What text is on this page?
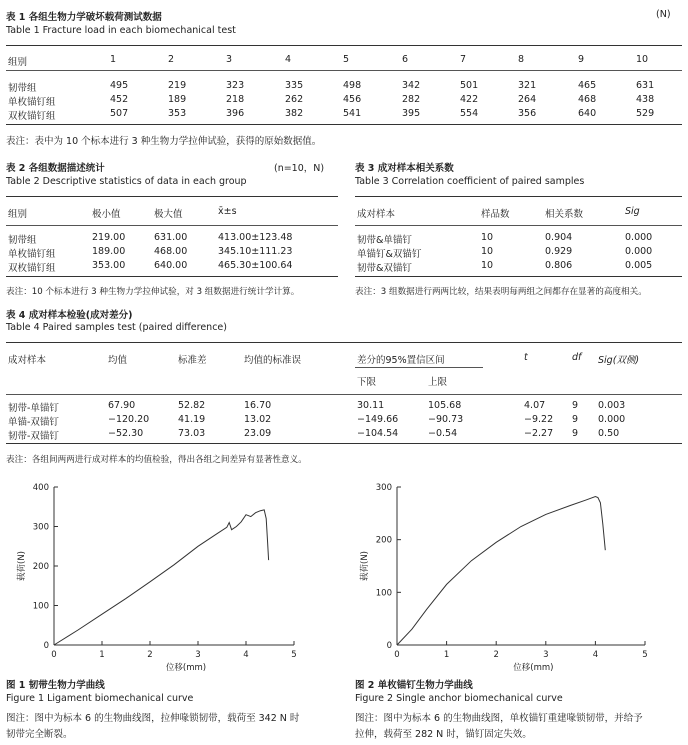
表 1 各组生物力学破坏载荷测试数据	(N)
Table 1 Fracture load in each biomechanical test
组别	1	2	3	4	5	6	7	8	9	10
韧带组	495	219	323	335	498	342	501	321	465	631
单枚锚钉组	452	189	218	262	456	282	422	264	468	438
双枚锚钉组	507	353	396	382	541	395	554	356	640	529
表注：表中为 10 个标本进行 3 种生物力学拉伸试验，获得的原始数据值。
表 2 各组数据描述统计	(n=10，N)
Table 2 Descriptive statistics of data in each group
组别	极小值	极大值	x̄±s
韧带组	219.00	631.00	413.00±123.48
单枚锚钉组	189.00	468.00	345.10±111.23
双枚锚钉组	353.00	640.00	465.30±100.64
表注：10 个标本进行 3 种生物力学拉伸试验，对 3 组数据进行统计学计算。
表 3 成对样本相关系数
Table 3 Correlation coefficient of paired samples
成对样本	样品数	相关系数	Sig
韧带&单锚钉	10	0.904	0.000
单锚钉&双锚钉	10	0.929	0.000
韧带&双锚钉	10	0.806	0.005
表注：3 组数据进行两两比较，结果表明每两组之间都存在显著的高度相关。
表 4 成对样本检验(成对差分)
Table 4 Paired samples test (paired difference)
成对样本	均值	标准差	均值的标准误	差分的95%置信区间	t	df Sig(双侧)
下限	上限
韧带-单锚钉	67.90	52.82	16.70	30.11	105.68	4.07	9 0.003
单锚-双锚钉	−120.20	41.19	13.02	−149.66	−90.73	−9.22 9 0.000
韧带-双锚钉	−52.30	73.03	23.09	−104.54	−0.54	−2.27 9 0.50
表注：各组间两两进行成对样本的均值检验，得出各组之间差异有显著性意义。
0
100
200
300
400
0	1	2	3	4	5
位移(mm)
载荷(N)
图 1 韧带生物力学曲线
Figure 1 Ligament biomechanical curve
图注：图中为标本 6 的生物曲线图，拉伸喙锁韧带，载荷至 342 N 时
韧带完全断裂。
0
100
200
300
0	1	2	3	4	5
位移(mm)
载荷(N)
图 2 单枚锚钉生物力学曲线
Figure 2 Single anchor biomechanical curve
图注：图中为标本 6 的生物曲线图，单枚锚钉重建喙锁韧带，并给予
拉伸，载荷至 282 N 时，锚钉固定失效。
